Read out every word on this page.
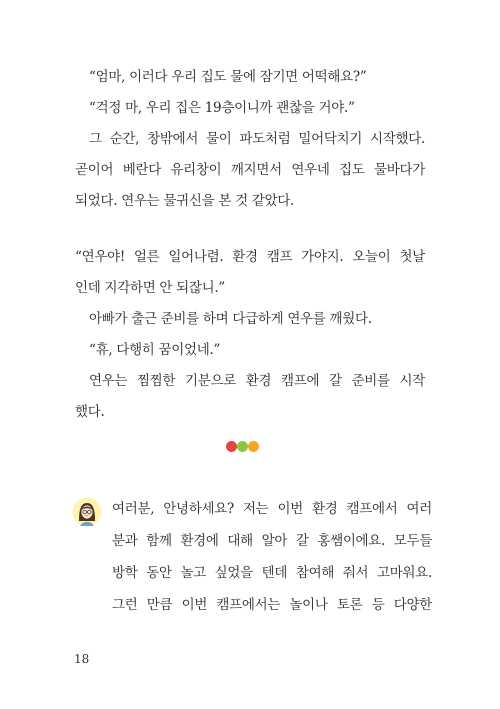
“엄마, 이러다 우리 집도 물에 잠기면 어떡해요?”
“걱정 마, 우리 집은 19층이니까 괜찮을 거야.”
그 순간, 창밖에서 물이 파도처럼 밀어닥치기 시작했다.
곧이어 베란다 유리창이 깨지면서 연우네 집도 물바다가
되었다. 연우는 물귀신을 본 것 같았다.
“연우야! 얼른 일어나렴. 환경 캠프 가야지. 오늘이 첫날
인데 지각하면 안 되잖니.”
아빠가 출근 준비를 하며 다급하게 연우를 깨웠다.
“휴, 다행히 꿈이었네.”
연우는 찜찜한 기분으로 환경 캠프에 갈 준비를 시작
했다.
여러분, 안녕하세요? 저는 이번 환경 캠프에서 여러
분과 함께 환경에 대해 알아 갈 홍쌤이에요. 모두들
방학 동안 놀고 싶었을 텐데 참여해 줘서 고마워요.
그런 만큼 이번 캠프에서는 놀이나 토론 등 다양한
18
